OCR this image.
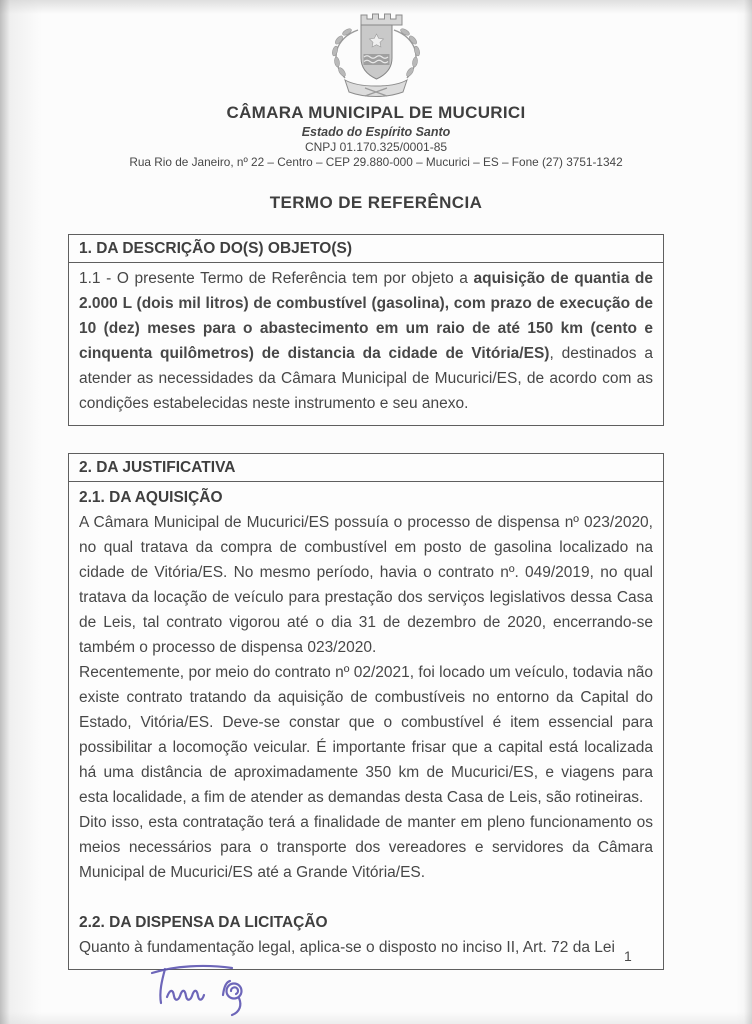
CÂMARA MUNICIPAL DE MUCURICI
Estado do Espírito Santo
CNPJ 01.170.325/0001-85
Rua Rio de Janeiro, nº 22 – Centro – CEP 29.880-000 – Mucurici – ES – Fone (27) 3751-1342
TERMO DE REFERÊNCIA
1. DA DESCRIÇÃO DO(S) OBJETO(S)

1.1 - O presente Termo de Referência tem por objeto a aquisição de quantia de 2.000 L (dois mil litros) de combustível (gasolina), com prazo de execução de 10 (dez) meses para o abastecimento em um raio de até 150 km (cento e cinquenta quilômetros) de distancia da cidade de Vitória/ES), destinados a atender as necessidades da Câmara Municipal de Mucurici/ES, de acordo com as condições estabelecidas neste instrumento e seu anexo.

2. DA JUSTIFICATIVA
2.1. DA AQUISIÇÃO

A Câmara Municipal de Mucurici/ES possuía o processo de dispensa nº 023/2020, no qual tratava da compra de combustível em posto de gasolina localizado na cidade de Vitória/ES. No mesmo período, havia o contrato nº. 049/2019, no qual tratava da locação de veículo para prestação dos serviços legislativos dessa Casa de Leis, tal contrato vigorou até o dia 31 de dezembro de 2020, encerrando-se também o processo de dispensa 023/2020.

Recentemente, por meio do contrato nº 02/2021, foi locado um veículo, todavia não existe contrato tratando da aquisição de combustíveis no entorno da Capital do Estado, Vitória/ES. Deve-se constar que o combustível é item essencial para possibilitar a locomoção veicular. É importante frisar que a capital está localizada há uma distância de aproximadamente 350 km de Mucurici/ES, e viagens para esta localidade, a fim de atender as demandas desta Casa de Leis, são rotineiras.

Dito isso, esta contratação terá a finalidade de manter em pleno funcionamento os meios necessários para o transporte dos vereadores e servidores da Câmara Municipal de Mucurici/ES até a Grande Vitória/ES.

2.2. DA DISPENSA DA LICITAÇÃO

Quanto à fundamentação legal, aplica-se o disposto no inciso II, Art. 72 da Lei 1
